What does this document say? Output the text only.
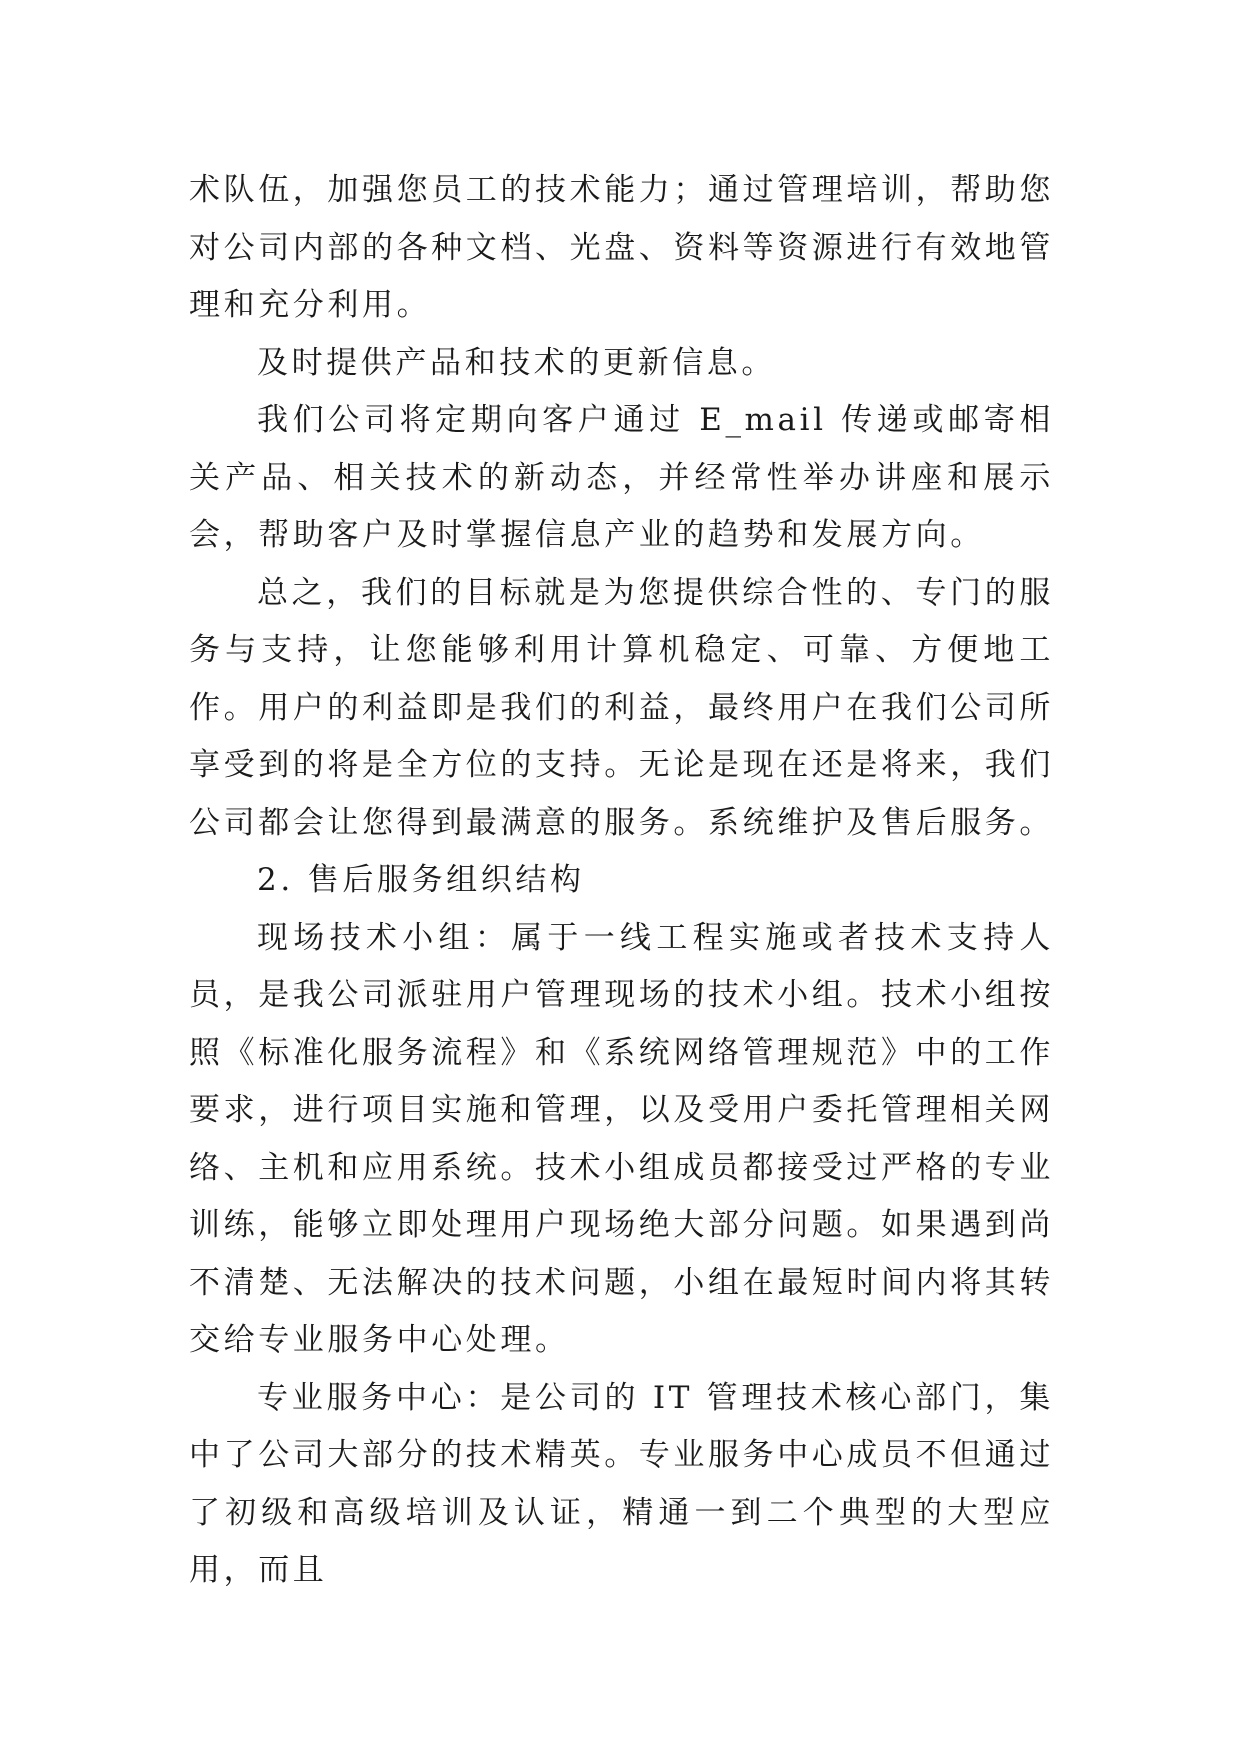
术队伍，加强您员工的技术能力；通过管理培训，帮助您对公司内部的各种文档、光盘、资料等资源进行有效地管理和充分利用。

及时提供产品和技术的更新信息。

我们公司将定期向客户通过 E_mail 传递或邮寄相关产品、相关技术的新动态，并经常性举办讲座和展示会，帮助客户及时掌握信息产业的趋势和发展方向。

总之，我们的目标就是为您提供综合性的、专门的服务与支持，让您能够利用计算机稳定、可靠、方便地工作。用户的利益即是我们的利益，最终用户在我们公司所享受到的将是全方位的支持。无论是现在还是将来，我们公司都会让您得到最满意的服务。系统维护及售后服务。

2. 售后服务组织结构

现场技术小组：属于一线工程实施或者技术支持人员，是我公司派驻用户管理现场的技术小组。技术小组按照《标准化服务流程》和《系统网络管理规范》中的工作要求，进行项目实施和管理，以及受用户委托管理相关网络、主机和应用系统。技术小组成员都接受过严格的专业训练，能够立即处理用户现场绝大部分问题。如果遇到尚不清楚、无法解决的技术问题，小组在最短时间内将其转交给专业服务中心处理。

专业服务中心：是公司的 IT 管理技术核心部门，集中了公司大部分的技术精英。专业服务中心成员不但通过了初级和高级培训及认证，精通一到二个典型的大型应用，而且
